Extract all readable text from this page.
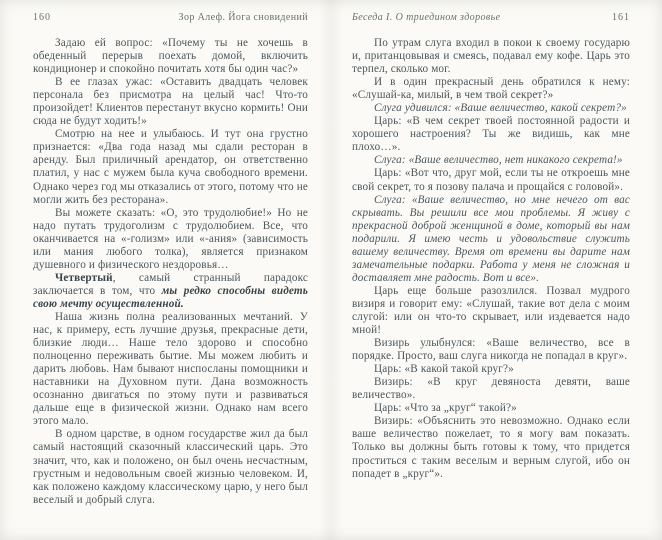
160	Зор Алеф. Йога сновидений

Задаю ей вопрос: «Почему ты не хочешь в обеденный перерыв поехать домой, включить кондиционер и спокойно почитать хотя бы один час?»

В ее глазах ужас: «Оставить двадцать человек персонала без присмотра на целый час! Что-то произойдет! Клиентов перестанут вкусно кормить! Они сюда не будут ходить!»

Смотрю на нее и улыбаюсь. И тут она грустно признается: «Два года назад мы сдали ресторан в аренду. Был приличный арендатор, он ответственно платил, у нас с мужем была куча свободного времени. Однако через год мы отказались от этого, потому что не могли жить без ресторана».

Вы можете сказать: «О, это трудолюбие!» Но не надо путать трудоголизм с трудолюбием. Все, что оканчивается на «-голизм» или «-ания» (зависимость или мания любого толка), является признаком душевного и физического нездоровья…

Четвертый, самый странный парадокс заключается в том, что мы редко способны видеть свою мечту осуществленной.

Наша жизнь полна реализованных мечтаний. У нас, к примеру, есть лучшие друзья, прекрасные дети, близкие люди… Наше тело здорово и способно полноценно переживать бытие. Мы можем любить и дарить любовь. Нам бывают ниспосланы помощники и наставники на Духовном пути. Дана возможность осознанно двигаться по этому пути и развиваться дальше еще в физической жизни. Однако нам всего этого мало.

В одном царстве, в одном государстве жил да был самый настоящий сказочный классический царь. Это значит, что, как и положено, он был очень несчастным, грустным и недовольным своей жизнью человеком. И, как положено каждому классическому царю, у него был веселый и добрый слуга.

Беседа I. О триедином здоровье	161

По утрам слуга входил в покои к своему государю и, пританцовывая и смеясь, подавал ему кофе. Царь это терпел, сколько мог.

И в один прекрасный день обратился к нему: «Слушай-ка, милый, в чем твой секрет?»

Слуга удивился: «Ваше величество, какой секрет?»

Царь: «В чем секрет твоей постоянной радости и хорошего настроения? Ты же видишь, как мне плохо…».

Слуга: «Ваше величество, нет никакого секрета!»

Царь: «Вот что, друг мой, если ты не откроешь мне свой секрет, то я позову палача и прощайся с головой».

Слуга: «Ваше величество, но мне нечего от вас скрывать. Вы решили все мои проблемы. Я живу с прекрасной доброй женщиной в доме, который вы нам подарили. Я имею честь и удовольствие служить вашему величеству. Время от времени вы дарите нам замечательные подарки. Работа у меня не сложная и доставляет мне радость. Вот и все».

Царь еще больше разозлился. Позвал мудрого визиря и говорит ему: «Слушай, такие вот дела с моим слугой: или он что-то скрывает, или издевается надо мной!

Визирь улыбнулся: «Ваше величество, все в порядке. Просто, ваш слуга никогда не попадал в круг».

Царь: «В какой такой круг?»

Визирь: «В круг девяноста девяти, ваше величество».

Царь: «Что за „круг“ такой?»

Визирь: «Объяснить это невозможно. Однако если ваше величество пожелает, то я могу вам показать. Только вы должны быть готовы к тому, что придется проститься с таким веселым и верным слугой, ибо он попадет в „круг“».
